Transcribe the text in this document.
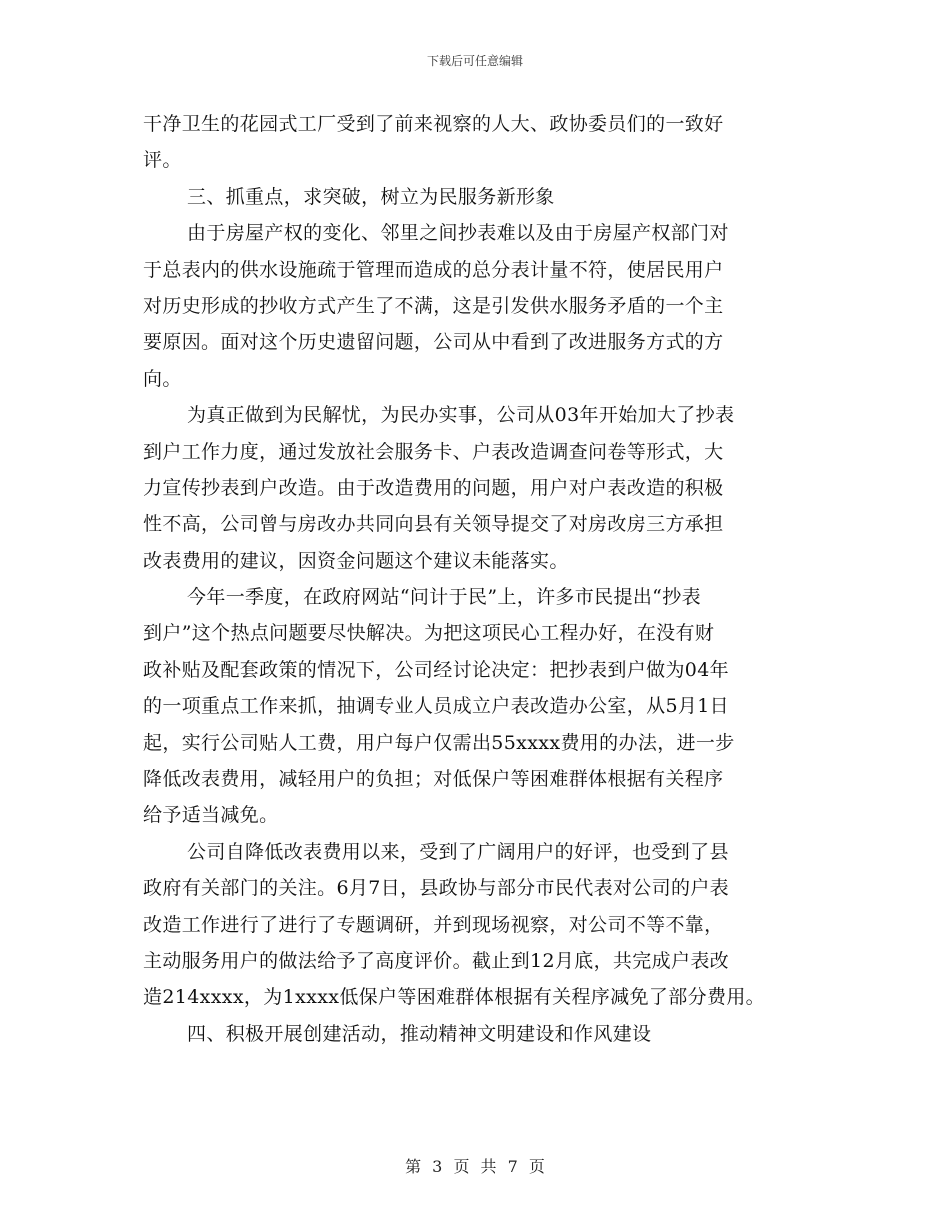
下载后可任意编辑
干净卫生的花园式工厂受到了前来视察的人大、政协委员们的一致好
评。
三、抓重点，求突破，树立为民服务新形象
由于房屋产权的变化、邻里之间抄表难以及由于房屋产权部门对
于总表内的供水设施疏于管理而造成的总分表计量不符，使居民用户
对历史形成的抄收方式产生了不满，这是引发供水服务矛盾的一个主
要原因。面对这个历史遗留问题，公司从中看到了改进服务方式的方
向。
为真正做到为民解忧，为民办实事，公司从03年开始加大了抄表
到户工作力度，通过发放社会服务卡、户表改造调查问卷等形式，大
力宣传抄表到户改造。由于改造费用的问题，用户对户表改造的积极
性不高，公司曾与房改办共同向县有关领导提交了对房改房三方承担
改表费用的建议，因资金问题这个建议未能落实。
今年一季度，在政府网站“问计于民”上，许多市民提出“抄表
到户”这个热点问题要尽快解决。为把这项民心工程办好，在没有财
政补贴及配套政策的情况下，公司经讨论决定：把抄表到户做为04年
的一项重点工作来抓，抽调专业人员成立户表改造办公室，从5月1日
起，实行公司贴人工费，用户每户仅需出55xxxx费用的办法，进一步
降低改表费用，减轻用户的负担；对低保户等困难群体根据有关程序
给予适当减免。
公司自降低改表费用以来，受到了广阔用户的好评，也受到了县
政府有关部门的关注。6月7日，县政协与部分市民代表对公司的户表
改造工作进行了进行了专题调研，并到现场视察，对公司不等不靠，
主动服务用户的做法给予了高度评价。截止到12月底，共完成户表改
造214xxxx，为1xxxx低保户等困难群体根据有关程序减免了部分费用。
四、积极开展创建活动，推动精神文明建设和作风建设
第 3 页 共 7 页
